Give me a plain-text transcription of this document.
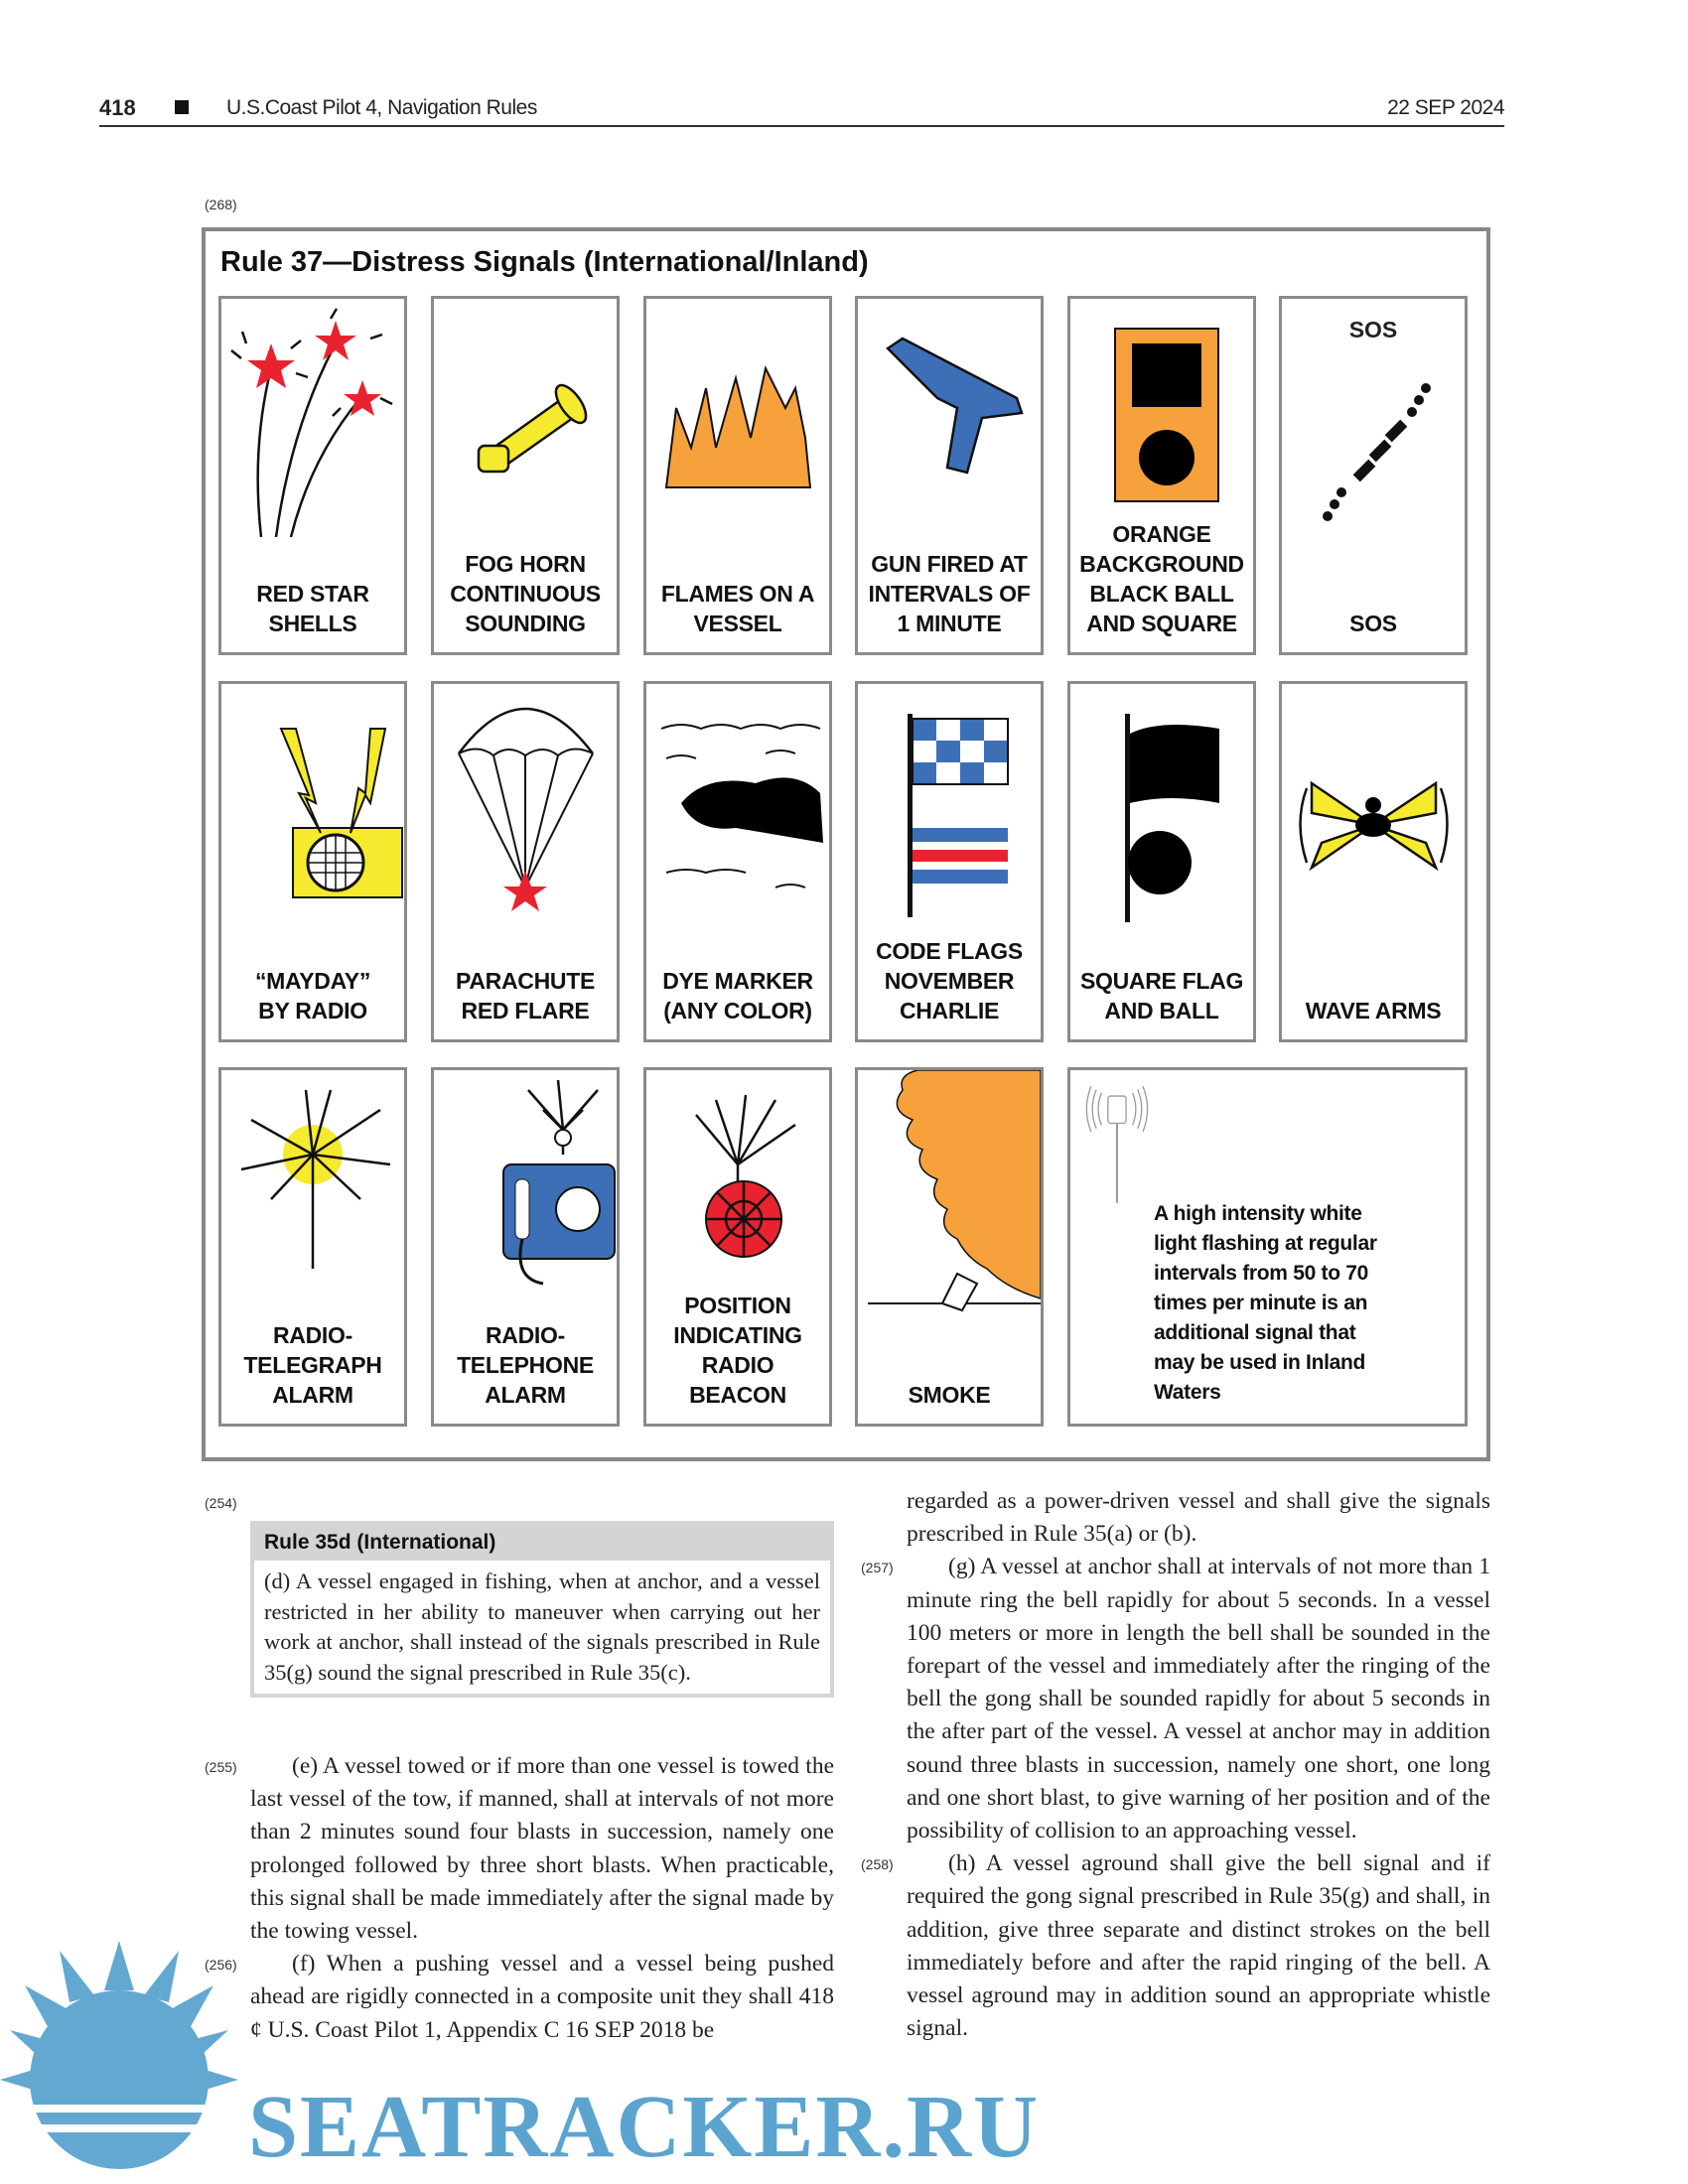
418	U.S.Coast Pilot 4, Navigation Rules	22 SEP 2024
(268)
Rule 37—Distress Signals (International/Inland)
RED STAR
SHELLS
FOG HORN
CONTINUOUS
SOUNDING
FLAMES ON A
VESSEL
GUN FIRED AT
INTERVALS OF
1 MINUTE
ORANGE
BACKGROUND
BLACK BALL
AND SQUARE
SOS
SOS
“MAYDAY”
BY RADIO
PARACHUTE
RED FLARE
DYE MARKER
(ANY COLOR)
CODE FLAGS
NOVEMBER
CHARLIE
SQUARE FLAG
AND BALL	WAVE ARMS
RADIO-
TELEGRAPH
ALARM
RADIO-
TELEPHONE
ALARM
POSITION
INDICATING
RADIO
BEACON	SMOKE
A high intensity white
light flashing at regular
intervals from 50 to 70
times per minute is an
additional signal that
may be used in Inland
Waters
(254)
Rule 35d (International)
(d) A vessel engaged in fishing, when at anchor, and a vessel restricted in her ability to maneuver when carrying out her work at anchor, shall instead of the signals prescribed in Rule 35(g) sound the signal prescribed in Rule 35(c).

(255) (e) A vessel towed or if more than one vessel is towed the last vessel of the tow, if manned, shall at intervals of not more than 2 minutes sound four blasts in succession, namely one prolonged followed by three short blasts. When practicable, this signal shall be made immediately after the signal made by the towing vessel.

(256) (f) When a pushing vessel and a vessel being pushed ahead are rigidly connected in a composite unit they shall 418 ¢ U.S. Coast Pilot 1, Appendix C 16 SEP 2018 be

regarded as a power-driven vessel and shall give the signals prescribed in Rule 35(a) or (b).

(257) (g) A vessel at anchor shall at intervals of not more than 1 minute ring the bell rapidly for about 5 seconds. In a vessel 100 meters or more in length the bell shall be sounded in the forepart of the vessel and immediately after the ringing of the bell the gong shall be sounded rapidly for about 5 seconds in the after part of the vessel. A vessel at anchor may in addition sound three blasts in succession, namely one short, one long and one short blast, to give warning of her position and of the possibility of collision to an approaching vessel.

(258) (h) A vessel aground shall give the bell signal and if required the gong signal prescribed in Rule 35(g) and shall, in addition, give three separate and distinct strokes on the bell immediately before and after the rapid ringing of the bell. A vessel aground may in addition sound an appropriate whistle signal.

SEATRACKER.RU
